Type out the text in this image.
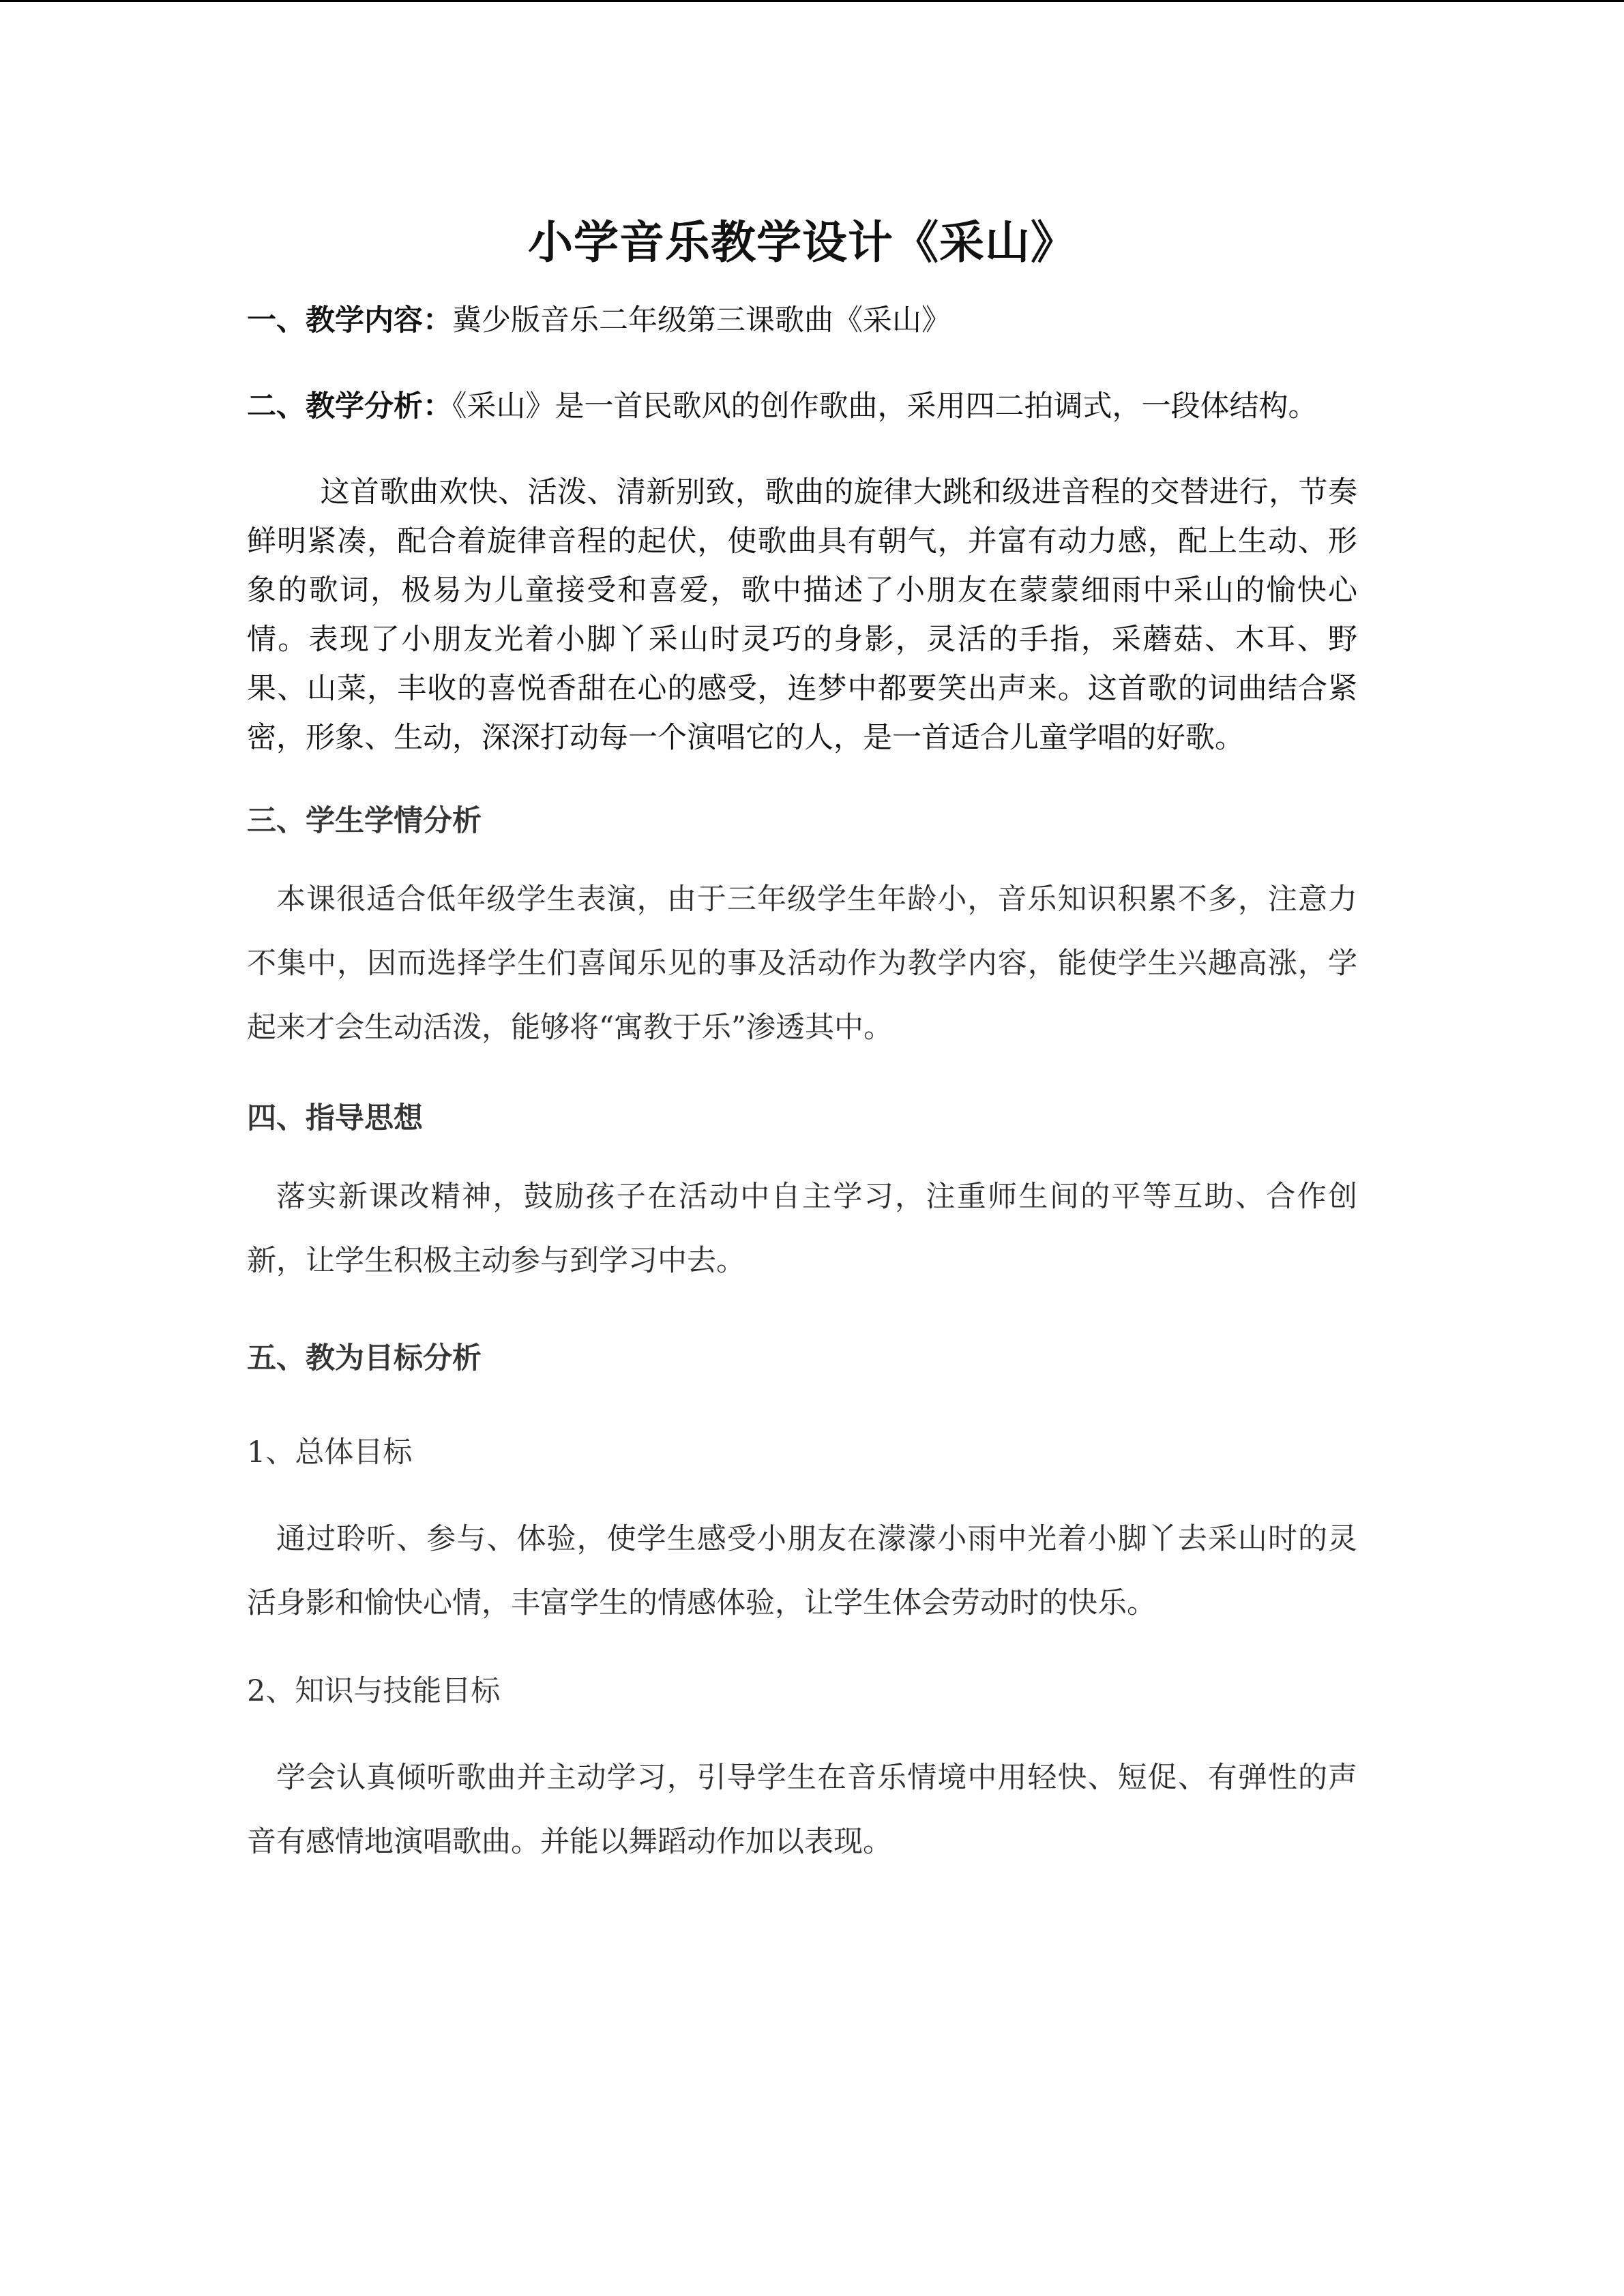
小学音乐教学设计《采山》

一、教学内容：冀少版音乐二年级第三课歌曲《采山》

二、教学分析：《采山》是一首民歌风的创作歌曲，采用四二拍调式，一段体结构。

这首歌曲欢快、活泼、清新别致，歌曲的旋律大跳和级进音程的交替进行，节奏鲜明紧凑，配合着旋律音程的起伏，使歌曲具有朝气，并富有动力感，配上生动、形象的歌词，极易为儿童接受和喜爱，歌中描述了小朋友在蒙蒙细雨中采山的愉快心情。表现了小朋友光着小脚丫采山时灵巧的身影，灵活的手指，采蘑菇、木耳、野果、山菜，丰收的喜悦香甜在心的感受，连梦中都要笑出声来。这首歌的词曲结合紧密，形象、生动，深深打动每一个演唱它的人，是一首适合儿童学唱的好歌。

三、学生学情分析

本课很适合低年级学生表演，由于三年级学生年龄小，音乐知识积累不多，注意力不集中，因而选择学生们喜闻乐见的事及活动作为教学内容，能使学生兴趣高涨，学起来才会生动活泼，能够将“寓教于乐”渗透其中。

四、指导思想

落实新课改精神，鼓励孩子在活动中自主学习，注重师生间的平等互助、合作创新，让学生积极主动参与到学习中去。

五、教为目标分析

1、总体目标

通过聆听、参与、体验，使学生感受小朋友在濛濛小雨中光着小脚丫去采山时的灵活身影和愉快心情，丰富学生的情感体验，让学生体会劳动时的快乐。

2、知识与技能目标

学会认真倾听歌曲并主动学习，引导学生在音乐情境中用轻快、短促、有弹性的声音有感情地演唱歌曲。并能以舞蹈动作加以表现。
